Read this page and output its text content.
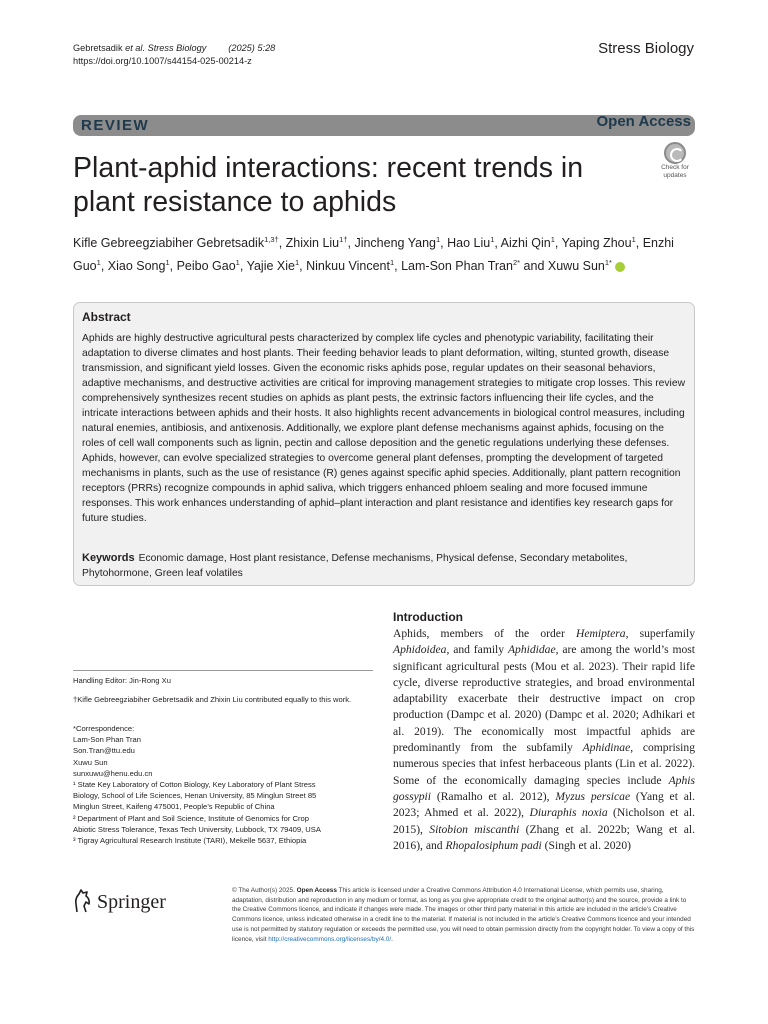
Gebretsadik et al. Stress Biology (2025) 5:28
https://doi.org/10.1007/s44154-025-00214-z
Stress Biology
REVIEW	Open Access
Plant-aphid interactions: recent trends in plant resistance to aphids
Check for
updates
Kifle Gebreegziabiher Gebretsadik$^{1,3\dagger}$, Zhixin Liu$^{1\dagger}$, Jincheng Yang$^1$, Hao Liu$^1$, Aizhi Qin$^1$, Yaping Zhou$^1$, Enzhi Guo$^1$, Xiao Song$^1$, Peibo Gao$^1$, Yajie Xie$^1$, Ninkuu Vincent$^1$, Lam-Son Phan Tran$^{2*}$ and Xuwu Sun$^{1*}$
Abstract
Aphids are highly destructive agricultural pests characterized by complex life cycles and phenotypic variability, facilitating their adaptation to diverse climates and host plants. Their feeding behavior leads to plant deformation, wilting, stunted growth, disease transmission, and significant yield losses. Given the economic risks aphids pose, regular updates on their seasonal behaviors, adaptive mechanisms, and destructive activities are critical for improving management strategies to mitigate crop losses. This review comprehensively synthesizes recent studies on aphids as plant pests, the extrinsic factors influencing their life cycles, and the intricate interactions between aphids and their hosts. It also highlights recent advancements in biological control measures, including natural enemies, antibiosis, and antixenosis. Additionally, we explore plant defense mechanisms against aphids, focusing on the roles of cell wall components such as lignin, pectin and callose deposition and the genetic regulations underlying these defenses. Aphids, however, can evolve specialized strategies to overcome general plant defenses, prompting the development of targeted mechanisms in plants, such as the use of resistance (R) genes against specific aphid species. Additionally, plant pattern recognition receptors (PRRs) recognize compounds in aphid saliva, which triggers enhanced phloem sealing and more focused immune responses. This work enhances understanding of aphid–plant interaction and plant resistance and identifies key research gaps for future studies.
Keywords Economic damage, Host plant resistance, Defense mechanisms, Physical defense, Secondary metabolites, Phytohormone, Green leaf volatiles
Introduction
Aphids, members of the order Hemiptera, superfamily Aphidoidea, and family Aphididae, are among the world’s most significant agricultural pests (Mou et al. 2023). Their rapid life cycle, diverse reproductive strategies, and broad environmental adaptability exacerbate their destructive impact on crop production (Dampc et al. 2020) (Dampc et al. 2020; Adhikari et al. 2019). The economically most impactful aphids are predominantly from the subfamily Aphidinae, comprising numerous species that infest herbaceous plants (Lin et al. 2022). Some of the economically damaging species include Aphis gossypii (Ramalho et al. 2012), Myzus persicae (Yang et al. 2023; Ahmed et al. 2022), Diuraphis noxia (Nicholson et al. 2015), Sitobion miscanthi (Zhang et al. 2022b; Wang et al. 2016), and Rhopalosiphum padi (Singh et al. 2020)
Handling Editor: Jin-Rong Xu
†Kifle Gebreegziabiher Gebretsadik and Zhixin Liu contributed equally to this work.
*Correspondence:
Lam-Son Phan Tran
Son.Tran@ttu.edu
Xuwu Sun
sunxuwu@henu.edu.cn
¹ State Key Laboratory of Cotton Biology, Key Laboratory of Plant Stress
Biology, School of Life Sciences, Henan University, 85 Minglun Street 85
Minglun Street, Kaifeng 475001, People’s Republic of China
² Department of Plant and Soil Science, Institute of Genomics for Crop
Abiotic Stress Tolerance, Texas Tech University, Lubbock, TX 79409, USA
³ Tigray Agricultural Research Institute (TARI), Mekelle 5637, Ethiopia
Springer
© The Author(s) 2025. Open Access This article is licensed under a Creative Commons Attribution 4.0 International License, which permits use, sharing, adaptation, distribution and reproduction in any medium or format, as long as you give appropriate credit to the original author(s) and the source, provide a link to the Creative Commons licence, and indicate if changes were made. The images or other third party material in this article are included in the article’s Creative Commons licence, unless indicated otherwise in a credit line to the material. If material is not included in the article’s Creative Commons licence and your intended use is not permitted by statutory regulation or exceeds the permitted use, you will need to obtain permission directly from the copyright holder. To view a copy of this licence, visit http://creativecommons.org/licenses/by/4.0/.
